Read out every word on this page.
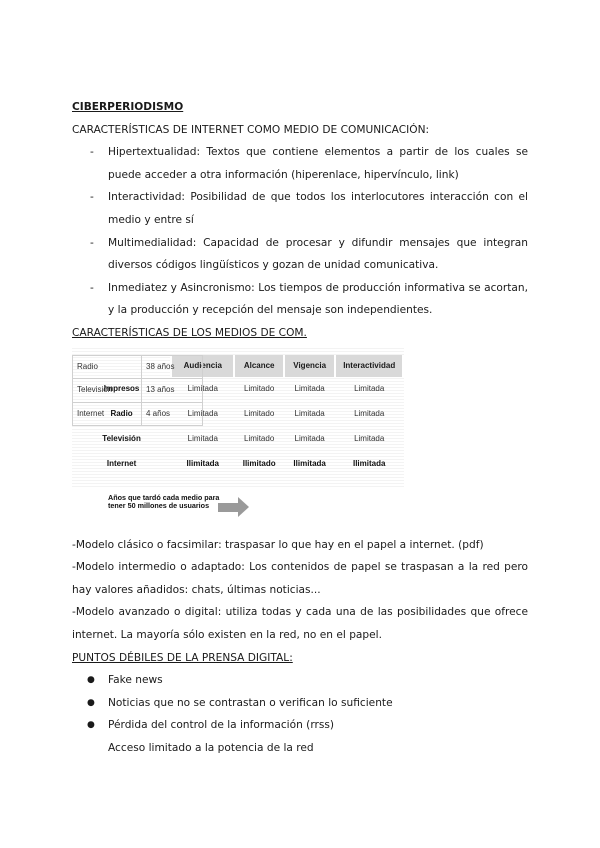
CIBERPERIODISMO
CARACTERÍSTICAS DE INTERNET COMO MEDIO DE COMUNICACIÓN:
- Hipertextualidad: Textos que contiene elementos a partir de los cuales se puede acceder a otra información (hiperenlace, hipervínculo, link)
- Interactividad: Posibilidad de que todos los interlocutores interacción con el medio y entre sí
- Multimedialidad: Capacidad de procesar y difundir mensajes que integran diversos códigos lingüísticos y gozan de unidad comunicativa.
- Inmediatez y Asincronismo: Los tiempos de producción informativa se acortan, y la producción y recepción del mensaje son independientes.
CARACTERÍSTICAS DE LOS MEDIOS DE COM.
	Audiencia	Alcance	Vigencia	Interactividad
Impresos	Limitada	Limitado	Limitada	Limitada
Radio	Limitada	Limitado	Limitada	Limitada
Televisión	Limitada	Limitado	Limitada	Limitada
Internet	Ilimitada	Ilimitado	Ilimitada	Ilimitada
Años que tardó cada medio para tener 50 millones de usuarios
Radio	38 años
Televisión	13 años
Internet	4 años

-Modelo clásico o facsimilar: traspasar lo que hay en el papel a internet. (pdf)

-Modelo intermedio o adaptado: Los contenidos de papel se traspasan a la red pero hay valores añadidos: chats, últimas noticias...

-Modelo avanzado o digital: utiliza todas y cada una de las posibilidades que ofrece internet. La mayoría sólo existen en la red, no en el papel.

PUNTOS DÉBILES DE LA PRENSA DIGITAL:
● Fake news
● Noticias que no se contrastan o verifican lo suficiente
● Pérdida del control de la información (rrss)
Acceso limitado a la potencia de la red
